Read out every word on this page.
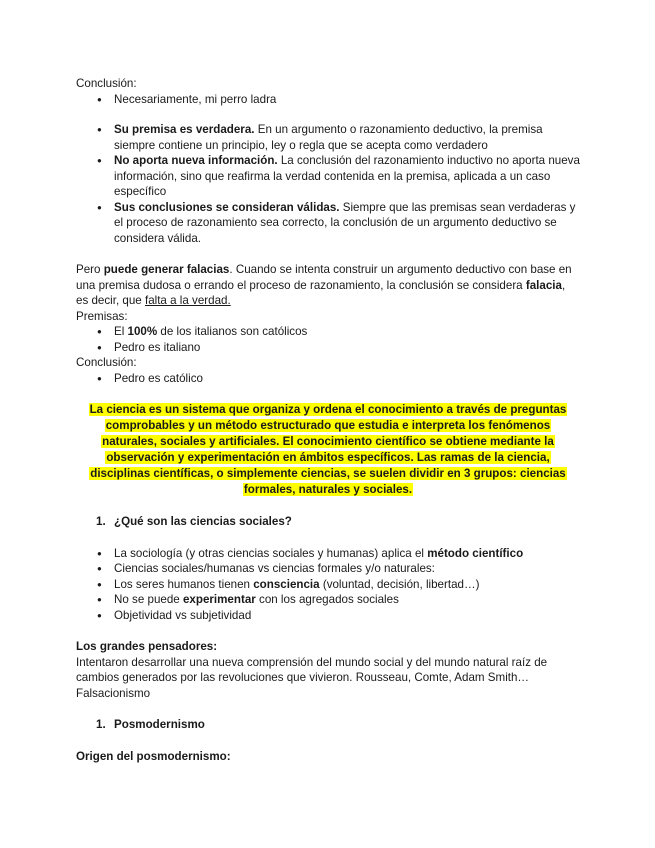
Conclusión:

● Necesariamente, mi perro ladra
● Su premisa es verdadera. En un argumento o razonamiento deductivo, la premisa siempre contiene un principio, ley o regla que se acepta como verdadero
● No aporta nueva información. La conclusión del razonamiento inductivo no aporta nueva información, sino que reafirma la verdad contenida en la premisa, aplicada a un caso específico
● Sus conclusiones se consideran válidas. Siempre que las premisas sean verdaderas y el proceso de razonamiento sea correcto, la conclusión de un argumento deductivo se considera válida.

Pero puede generar falacias. Cuando se intenta construir un argumento deductivo con base en una premisa dudosa o errando el proceso de razonamiento, la conclusión se considera falacia, es decir, que falta a la verdad.

Premisas:

● El 100% de los italianos son católicos
● Pedro es italiano

Conclusión:

● Pedro es católico
La ciencia es un sistema que organiza y ordena el conocimiento a través de preguntas
comprobables y un método estructurado que estudia e interpreta los fenómenos
naturales, sociales y artificiales. El conocimiento científico se obtiene mediante la
observación y experimentación en ámbitos específicos. Las ramas de la ciencia,
disciplinas científicas, o simplemente ciencias, se suelen dividir en 3 grupos: ciencias
formales, naturales y sociales.

1. ¿Qué son las ciencias sociales?

● La sociología (y otras ciencias sociales y humanas) aplica el método científico
● Ciencias sociales/humanas vs ciencias formales y/o naturales:
● Los seres humanos tienen consciencia (voluntad, decisión, libertad…)
● No se puede experimentar con los agregados sociales
● Objetividad vs subjetividad

Los grandes pensadores:

Intentaron desarrollar una nueva comprensión del mundo social y del mundo natural raíz de cambios generados por las revoluciones que vivieron. Rousseau, Comte, Adam Smith… Falsacionismo

1. Posmodernismo

Origen del posmodernismo:
